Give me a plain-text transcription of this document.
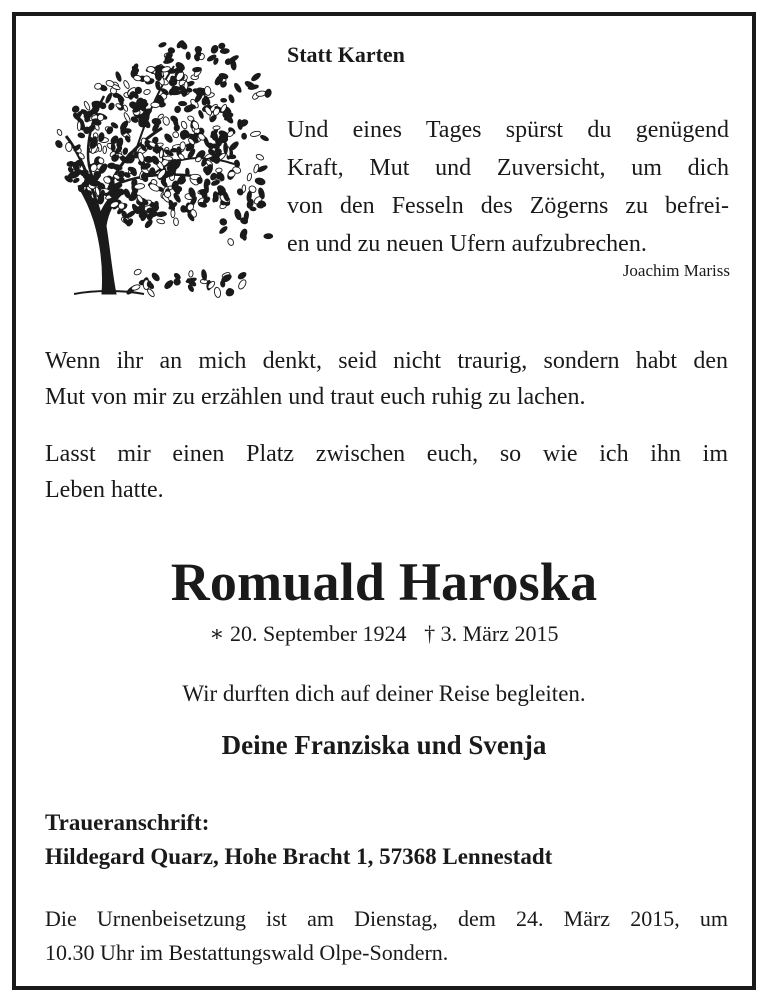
Statt Karten
Und eines Tages spürst du genügend
Kraft, Mut und Zuversicht, um dich
von den Fesseln des Zögerns zu befrei-
en und zu neuen Ufern aufzubrechen.
Joachim Mariss
Wenn ihr an mich denkt, seid nicht traurig, sondern habt den
Mut von mir zu erzählen und traut euch ruhig zu lachen.
Lasst mir einen Platz zwischen euch, so wie ich ihn im
Leben hatte.
Romuald Haroska
∗ 20. September 1924 † 3. März 2015
Wir durften dich auf deiner Reise begleiten.
Deine Franziska und Svenja
Traueranschrift:
Hildegard Quarz, Hohe Bracht 1, 57368 Lennestadt
Die Urnenbeisetzung ist am Dienstag, dem 24. März 2015, um
10.30 Uhr im Bestattungswald Olpe-Sondern.
